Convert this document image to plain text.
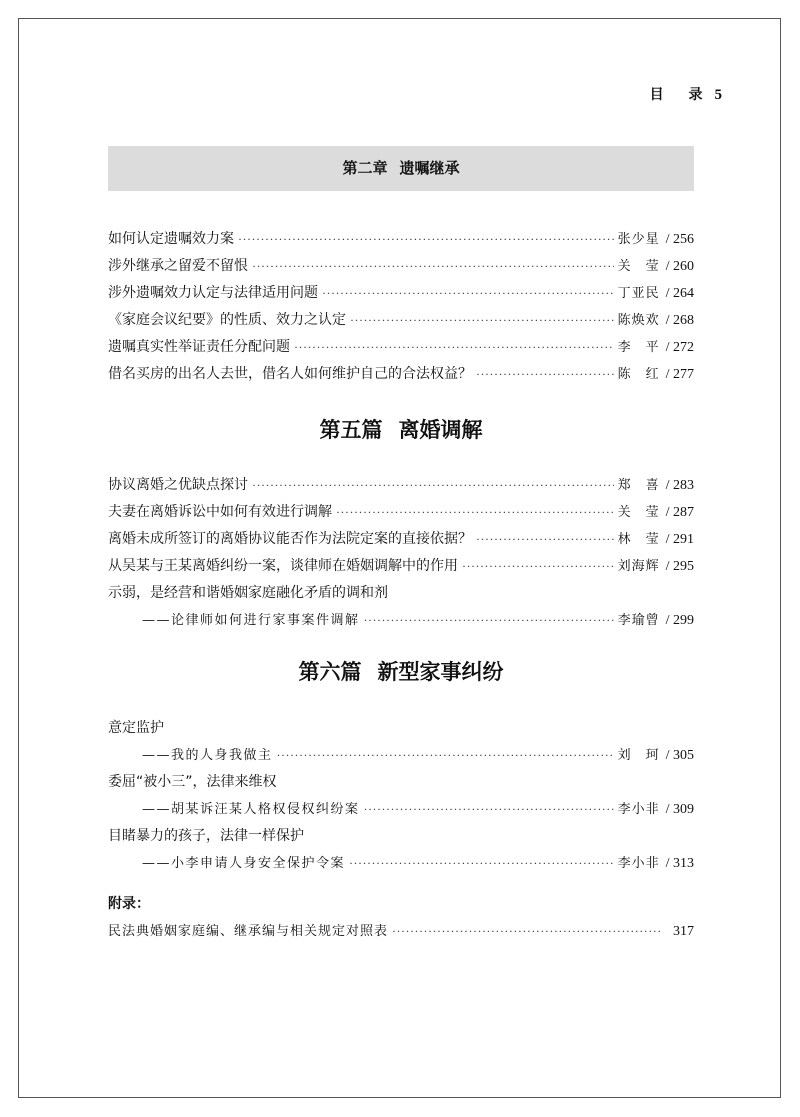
目 录 5
第二章 遗嘱继承
如何认定遗嘱效力案 ·····	张少星 / 256
涉外继承之留爱不留恨 ·····	关　莹 / 260
涉外遗嘱效力认定与法律适用问题 ·····	丁亚民 / 264
《家庭会议纪要》的性质、效力之认定 ·····	陈焕欢 / 268
遗嘱真实性举证责任分配问题 ·····	李　平 / 272
借名买房的出名人去世，借名人如何维护自己的合法权益？ ·····	陈　红 / 277
第五篇 离婚调解
协议离婚之优缺点探讨 ·····	郑　喜 / 283
夫妻在离婚诉讼中如何有效进行调解 ·····	关　莹 / 287
离婚未成所签订的离婚协议能否作为法院定案的直接依据？ ·····	林　莹 / 291
从吴某与王某离婚纠纷一案，谈律师在婚姻调解中的作用 ·····	刘海辉 / 295
示弱，是经营和谐婚姻家庭融化矛盾的调和剂
——论律师如何进行家事案件调解 ·····	李瑜曾 / 299
第六篇 新型家事纠纷
意定监护
——我的人身我做主 ·····	刘　珂 / 305
委屈“被小三”，法律来维权
——胡某诉汪某人格权侵权纠纷案 ·····	李小非 / 309
目睹暴力的孩子，法律一样保护
——小李申请人身安全保护令案 ·····	李小非 / 313
附录：
民法典婚姻家庭编、继承编与相关规定对照表 ·····	317
